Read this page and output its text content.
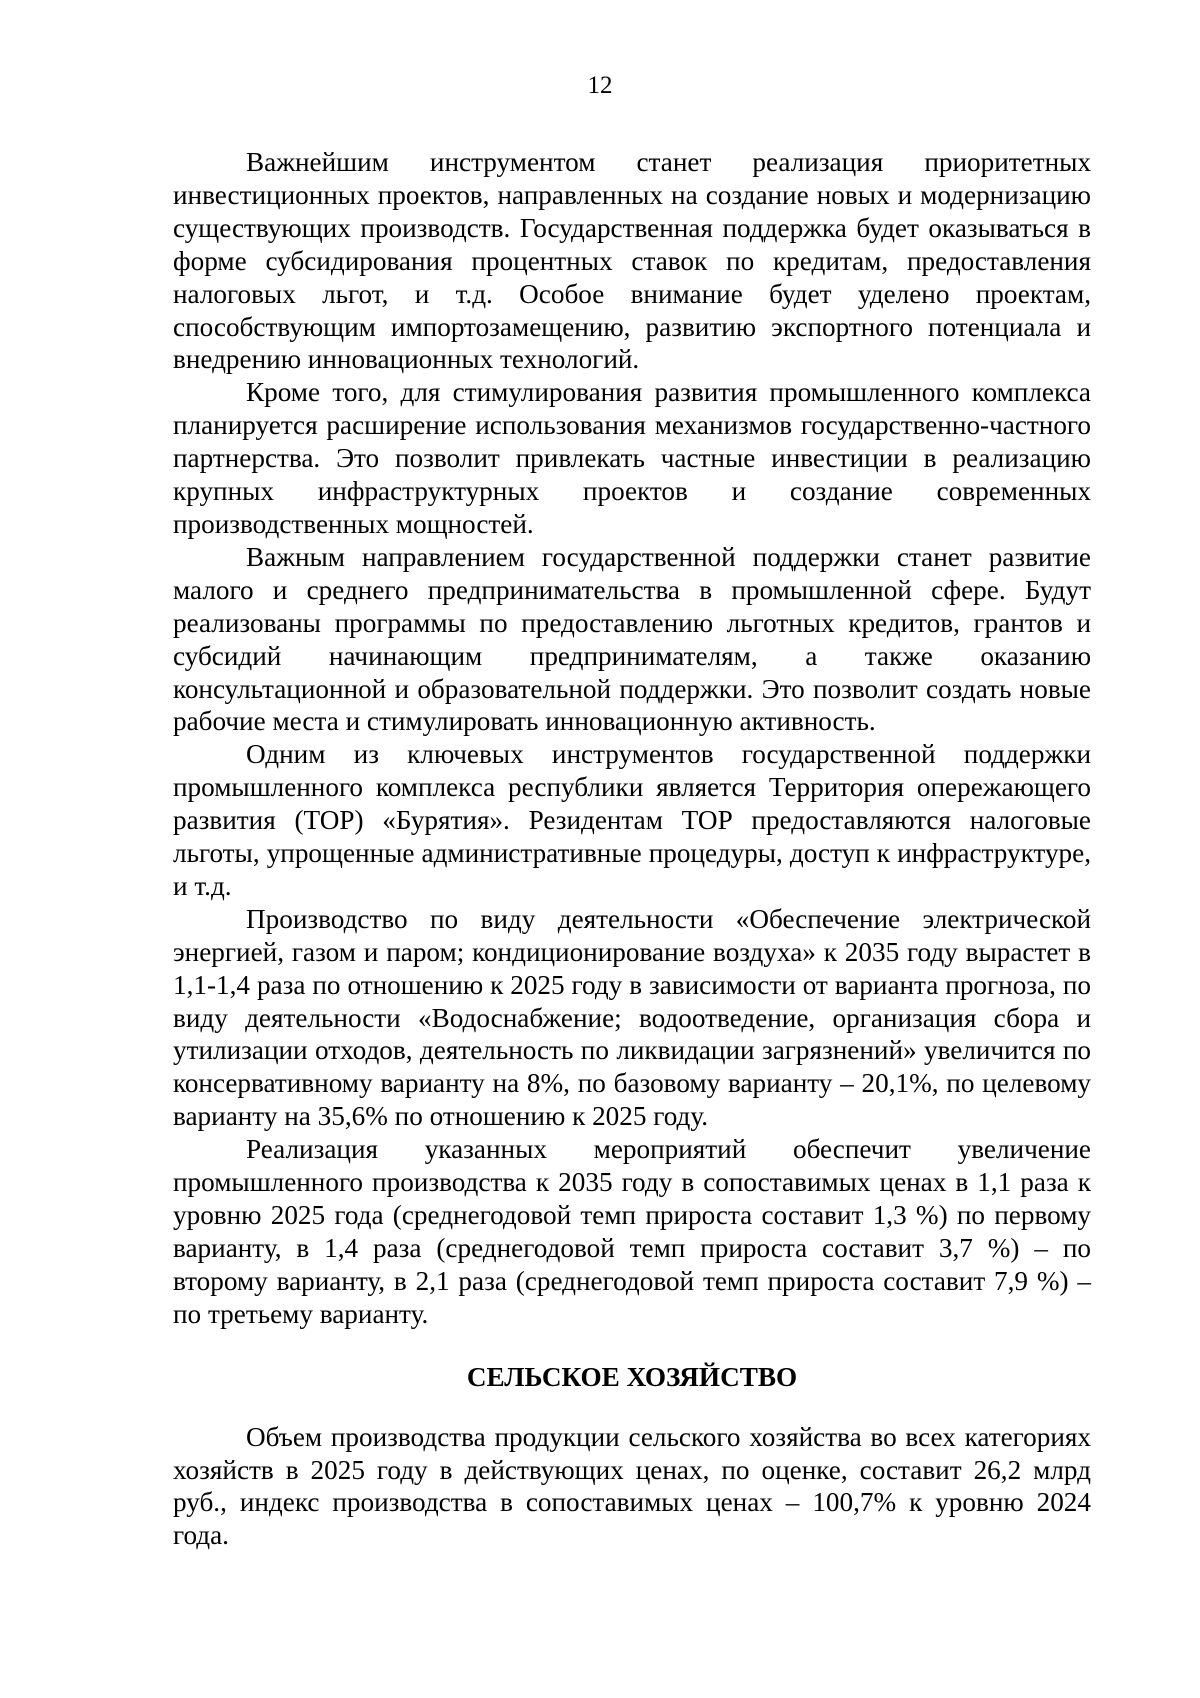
12

Важнейшим инструментом станет реализация приоритетных инвестиционных проектов, направленных на создание новых и модернизацию существующих производств. Государственная поддержка будет оказываться в форме субсидирования процентных ставок по кредитам, предоставления налоговых льгот, и т.д. Особое внимание будет уделено проектам, способствующим импортозамещению, развитию экспортного потенциала и внедрению инновационных технологий.

Кроме того, для стимулирования развития промышленного комплекса планируется расширение использования механизмов государственно-частного партнерства. Это позволит привлекать частные инвестиции в реализацию крупных инфраструктурных проектов и создание современных производственных мощностей.

Важным направлением государственной поддержки станет развитие малого и среднего предпринимательства в промышленной сфере. Будут реализованы программы по предоставлению льготных кредитов, грантов и субсидий начинающим предпринимателям, а также оказанию консультационной и образовательной поддержки. Это позволит создать новые рабочие места и стимулировать инновационную активность.

Одним из ключевых инструментов государственной поддержки промышленного комплекса республики является Территория опережающего развития (ТОР) «Бурятия». Резидентам ТОР предоставляются налоговые льготы, упрощенные административные процедуры, доступ к инфраструктуре, и т.д.

Производство по виду деятельности «Обеспечение электрической энергией, газом и паром; кондиционирование воздуха» к 2035 году вырастет в 1,1-1,4 раза по отношению к 2025 году в зависимости от варианта прогноза, по виду деятельности «Водоснабжение; водоотведение, организация сбора и утилизации отходов, деятельность по ликвидации загрязнений» увеличится по консервативному варианту на 8%, по базовому варианту – 20,1%, по целевому варианту на 35,6% по отношению к 2025 году.

Реализация указанных мероприятий обеспечит увеличение промышленного производства к 2035 году в сопоставимых ценах в 1,1 раза к уровню 2025 года (среднегодовой темп прироста составит 1,3 %) по первому варианту, в 1,4 раза (среднегодовой темп прироста составит 3,7 %) – по второму варианту, в 2,1 раза (среднегодовой темп прироста составит 7,9 %) – по третьему варианту.

СЕЛЬСКОЕ ХОЗЯЙСТВО

Объем производства продукции сельского хозяйства во всех категориях хозяйств в 2025 году в действующих ценах, по оценке, составит 26,2 млрд руб., индекс производства в сопоставимых ценах – 100,7% к уровню 2024 года.
